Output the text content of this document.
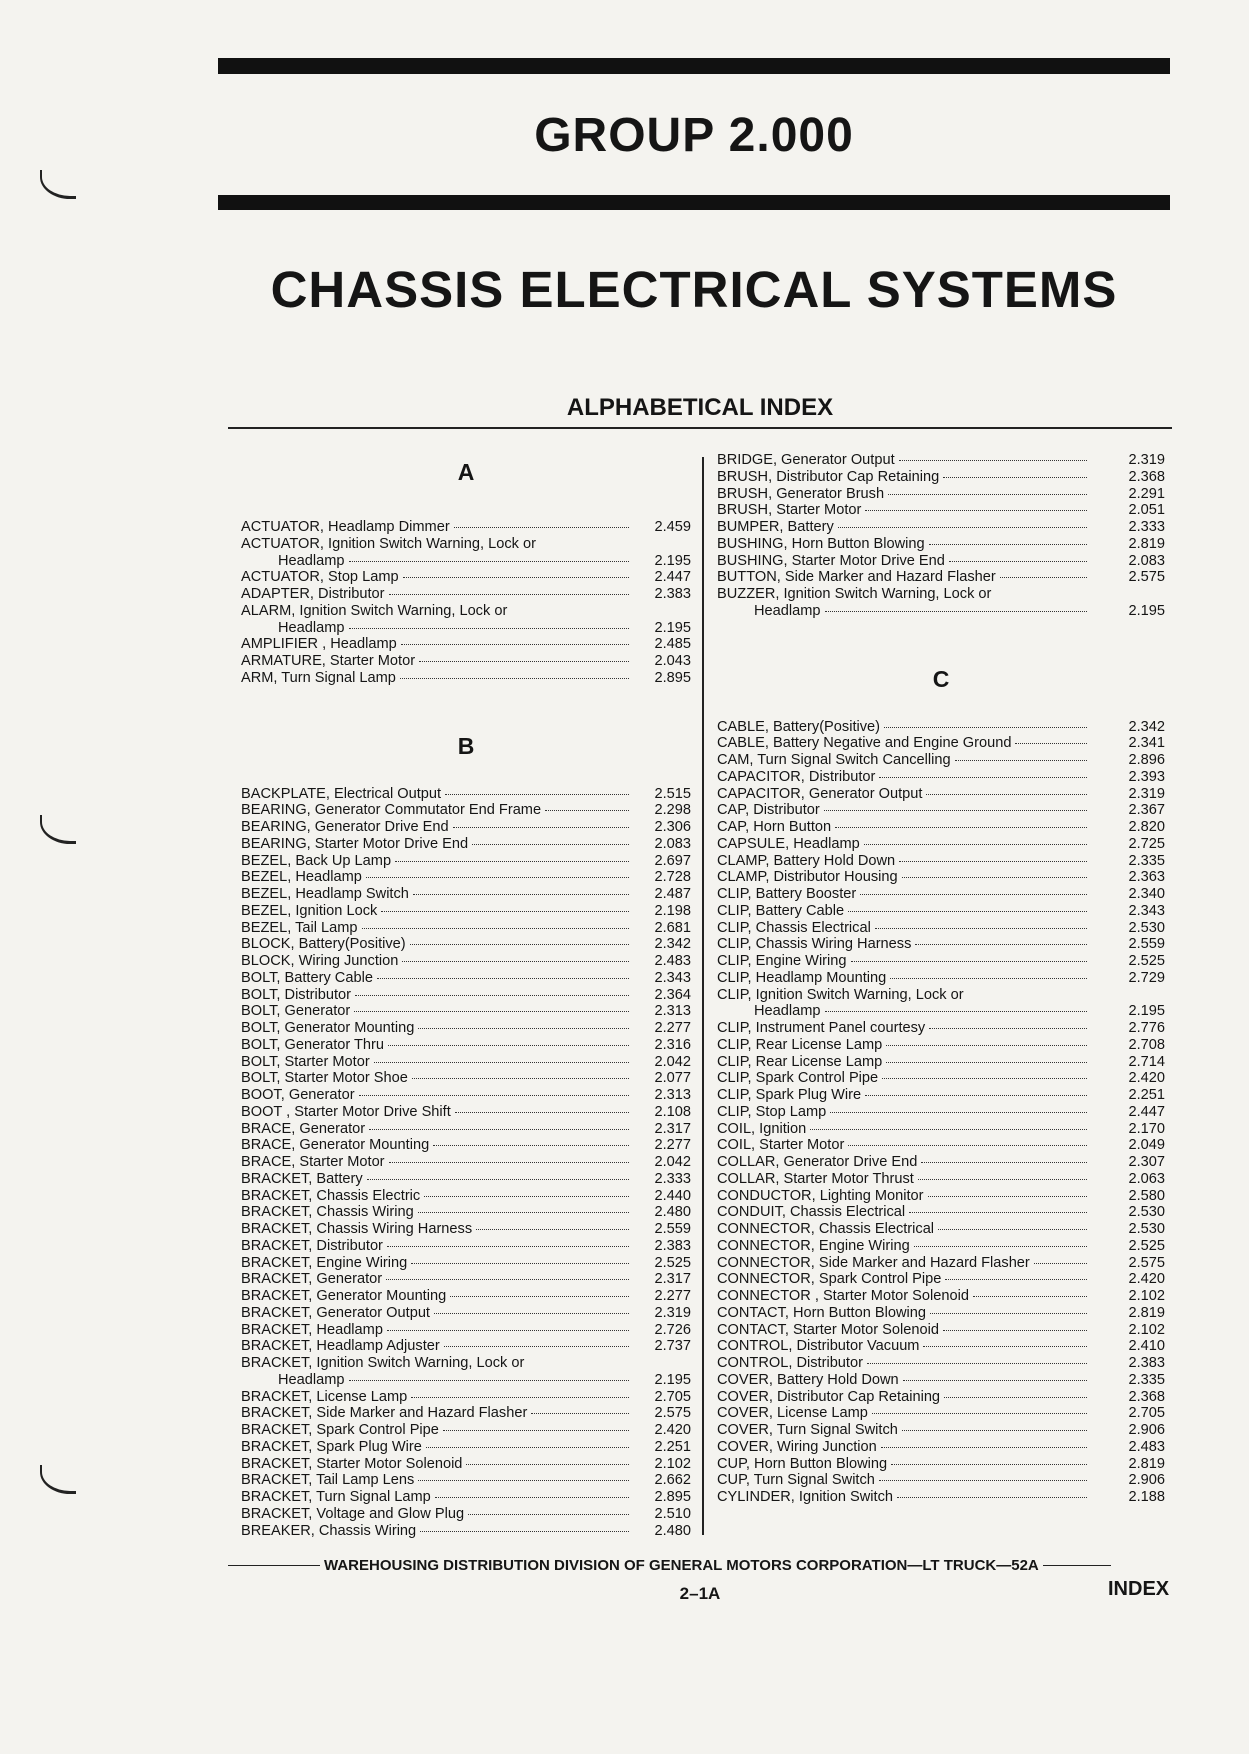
GROUP 2.000
CHASSIS ELECTRICAL SYSTEMS
ALPHABETICAL INDEX
A
ACTUATOR, Headlamp Dimmer	2.459
ACTUATOR, Ignition Switch Warning, Lock or
Headlamp	2.195
ACTUATOR, Stop Lamp	2.447
ADAPTER, Distributor	2.383
ALARM, Ignition Switch Warning, Lock or
Headlamp	2.195
AMPLIFIER , Headlamp	2.485
ARMATURE, Starter Motor	2.043
ARM, Turn Signal Lamp	2.895
B
BACKPLATE, Electrical Output	2.515
BEARING, Generator Commutator End Frame	2.298
BEARING, Generator Drive End	2.306
BEARING, Starter Motor Drive End	2.083
BEZEL, Back Up Lamp	2.697
BEZEL, Headlamp	2.728
BEZEL, Headlamp Switch	2.487
BEZEL, Ignition Lock	2.198
BEZEL, Tail Lamp	2.681
BLOCK, Battery(Positive)	2.342
BLOCK, Wiring Junction	2.483
BOLT, Battery Cable	2.343
BOLT, Distributor	2.364
BOLT, Generator	2.313
BOLT, Generator Mounting	2.277
BOLT, Generator Thru	2.316
BOLT, Starter Motor	2.042
BOLT, Starter Motor Shoe	2.077
BOOT, Generator	2.313
BOOT , Starter Motor Drive Shift	2.108
BRACE, Generator	2.317
BRACE, Generator Mounting	2.277
BRACE, Starter Motor	2.042
BRACKET, Battery	2.333
BRACKET, Chassis Electric	2.440
BRACKET, Chassis Wiring	2.480
BRACKET, Chassis Wiring Harness	2.559
BRACKET, Distributor	2.383
BRACKET, Engine Wiring	2.525
BRACKET, Generator	2.317
BRACKET, Generator Mounting	2.277
BRACKET, Generator Output	2.319
BRACKET, Headlamp	2.726
BRACKET, Headlamp Adjuster	2.737
BRACKET, Ignition Switch Warning, Lock or
Headlamp	2.195
BRACKET, License Lamp	2.705
BRACKET, Side Marker and Hazard Flasher	2.575
BRACKET, Spark Control Pipe	2.420
BRACKET, Spark Plug Wire	2.251
BRACKET, Starter Motor Solenoid	2.102
BRACKET, Tail Lamp Lens	2.662
BRACKET, Turn Signal Lamp	2.895
BRACKET, Voltage and Glow Plug	2.510
BREAKER, Chassis Wiring	2.480
BRIDGE, Generator Output	2.319
BRUSH, Distributor Cap Retaining	2.368
BRUSH, Generator Brush	2.291
BRUSH, Starter Motor	2.051
BUMPER, Battery	2.333
BUSHING, Horn Button Blowing	2.819
BUSHING, Starter Motor Drive End	2.083
BUTTON, Side Marker and Hazard Flasher	2.575
BUZZER, Ignition Switch Warning, Lock or
Headlamp	2.195
C
CABLE, Battery(Positive)	2.342
CABLE, Battery Negative and Engine Ground	2.341
CAM, Turn Signal Switch Cancelling	2.896
CAPACITOR, Distributor	2.393
CAPACITOR, Generator Output	2.319
CAP, Distributor	2.367
CAP, Horn Button	2.820
CAPSULE, Headlamp	2.725
CLAMP, Battery Hold Down	2.335
CLAMP, Distributor Housing	2.363
CLIP, Battery Booster	2.340
CLIP, Battery Cable	2.343
CLIP, Chassis Electrical	2.530
CLIP, Chassis Wiring Harness	2.559
CLIP, Engine Wiring	2.525
CLIP, Headlamp Mounting	2.729
CLIP, Ignition Switch Warning, Lock or
Headlamp	2.195
CLIP, Instrument Panel courtesy	2.776
CLIP, Rear License Lamp	2.708
CLIP, Rear License Lamp	2.714
CLIP, Spark Control Pipe	2.420
CLIP, Spark Plug Wire	2.251
CLIP, Stop Lamp	2.447
COIL, Ignition	2.170
COIL, Starter Motor	2.049
COLLAR, Generator Drive End	2.307
COLLAR, Starter Motor Thrust	2.063
CONDUCTOR, Lighting Monitor	2.580
CONDUIT, Chassis Electrical	2.530
CONNECTOR, Chassis Electrical	2.530
CONNECTOR, Engine Wiring	2.525
CONNECTOR, Side Marker and Hazard Flasher	2.575
CONNECTOR, Spark Control Pipe	2.420
CONNECTOR , Starter Motor Solenoid	2.102
CONTACT, Horn Button Blowing	2.819
CONTACT, Starter Motor Solenoid	2.102
CONTROL, Distributor Vacuum	2.410
CONTROL, Distributor	2.383
COVER, Battery Hold Down	2.335
COVER, Distributor Cap Retaining	2.368
COVER, License Lamp	2.705
COVER, Turn Signal Switch	2.906
COVER, Wiring Junction	2.483
CUP, Horn Button Blowing	2.819
CUP, Turn Signal Switch	2.906
CYLINDER, Ignition Switch	2.188
WAREHOUSING DISTRIBUTION DIVISION OF GENERAL MOTORS CORPORATION—LT TRUCK—52A
2–1A	INDEX
